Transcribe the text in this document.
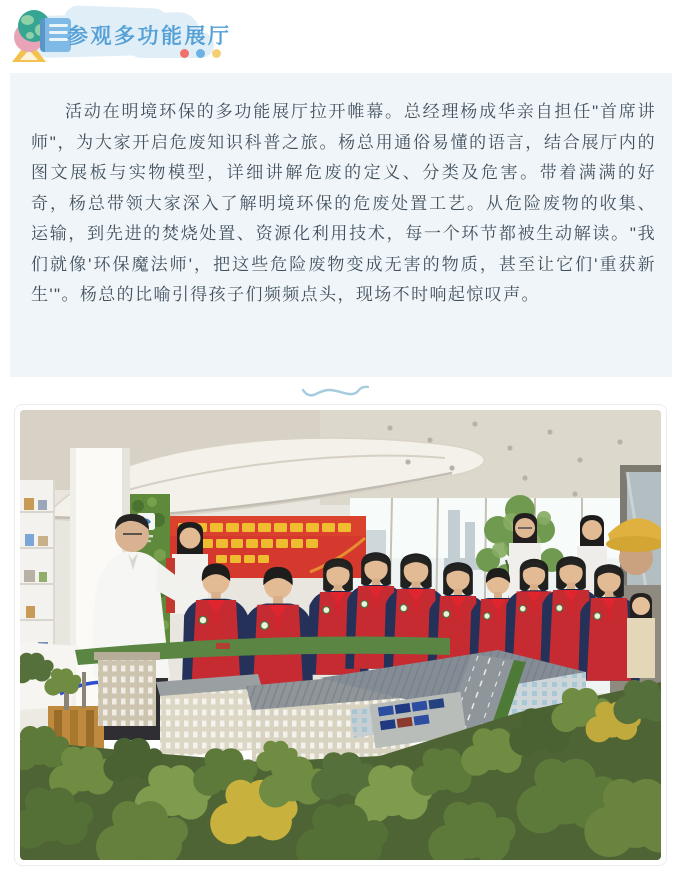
参观多功能展厅

活动在明境环保的多功能展厅拉开帷幕。总经理杨成华亲自担任"首席讲师"，为大家开启危废知识科普之旅。杨总用通俗易懂的语言，结合展厅内的图文展板与实物模型，详细讲解危废的定义、分类及危害。带着满满的好奇，杨总带领大家深入了解明境环保的危废处置工艺。从危险废物的收集、运输，到先进的焚烧处置、资源化利用技术，每一个环节都被生动解读。"我们就像'环保魔法师'，把这些危险废物变成无害的物质，甚至让它们'重获新生'"。杨总的比喻引得孩子们频频点头，现场不时响起惊叹声。
